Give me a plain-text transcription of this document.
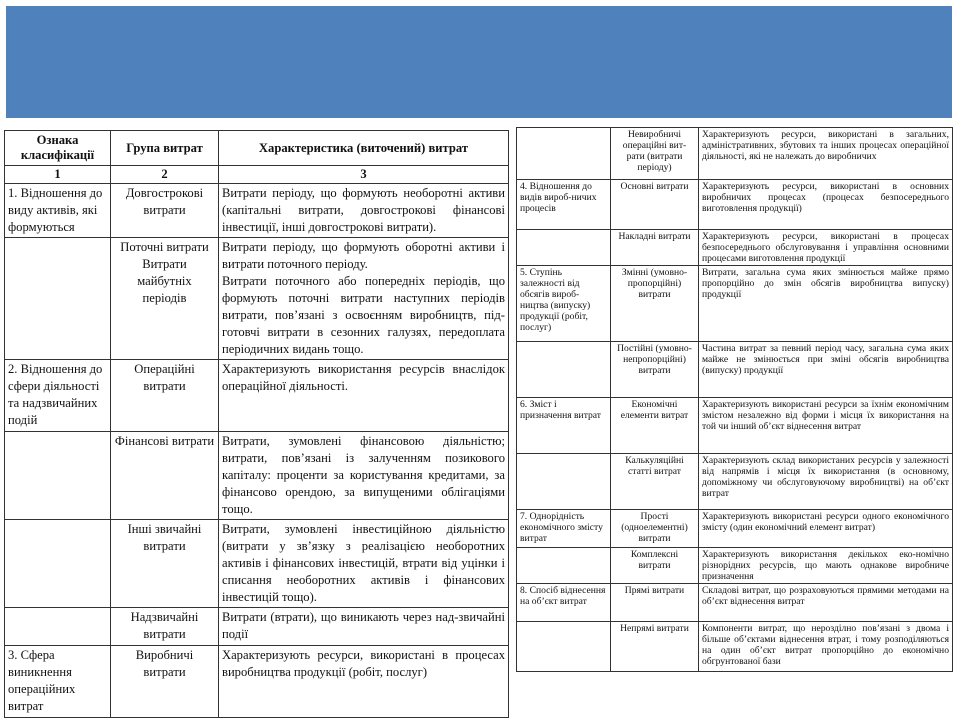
Ознака класифікації	Група витрат	Характеристика (виточений) витрат
1	2	3
1. Відношення до виду активів, які формуються	Довгострокові витрати	Витрати періоду, що формують необоротні активи (капітальні витрати, довгострокові фінансові інвестиції, інші довгострокові витрати).
	Поточні витрати Витрати майбутніх періодів	Витрати періоду, що формують оборотні активи і витрати поточного періоду.
Витрати поточного або попередніх періодів, що формують поточні витрати наступних періодів витрати, пов’язані з освоєнням виробництв, під-готовчі витрати в сезонних галузях, передоплата періодичних видань тощо.
2. Відношення до сфери діяльності та надзвичайних подій	Операційні витрати	Характеризують використання ресурсів внаслідок операційної діяльності.
	Фінансові витрати	Витрати, зумовлені фінансовою діяльністю; витрати, пов’язані із залученням позикового капіталу: проценти за користування кредитами, за фінансово орендою, за випущеними облігаціями тощо.
	Інші звичайні витрати	Витрати, зумовлені інвестиційною діяльністю (витрати у зв’язку з реалізацією необоротних активів і фінансових інвестицій, втрати від уцінки і списання необоротних активів і фінансових інвестицій тощо).
	Надзвичайні витрати	Витрати (втрати), що виникають через над-звичайні події
3. Сфера виникнення операційних витрат	Виробничі витрати	Характеризують ресурси, використані в процесах виробництва продукції (робіт, послуг)
	Невиробничі операційні вит-рати (витрати періоду)	Характеризують ресурси, використані в загальних, адміністративних, збутових та інших процесах операційної діяльності, які не належать до виробничих
4. Відношення до видів вироб-ничих процесів	Основні витрати	Характеризують ресурси, використані в основних виробничих процесах (процесах безпосереднього виготовлення продукції)
	Накладні витрати	Характеризують ресурси, використані в процесах безпосереднього обслуговування і управління основними процесами виготовлення продукції
5. Ступінь залежності від обсягів вироб-ництва (випуску) продукції (робіт, послуг)	Змінні (умовно-пропорційні) витрати	Витрати, загальна сума яких змінюється майже прямо пропорційно до змін обсягів виробництва випуску) продукції
	Постійні (умовно-непропорційні) витрати	Частина витрат за певний період часу, загальна сума яких майже не змінюється при зміні обсягів виробництва (випуску) продукції
6. Зміст і призначення витрат	Економічні елементи витрат	Характеризують використані ресурси за їхнім економічним змістом незалежно від форми і місця їх використання на той чи інший об’єкт віднесення витрат
	Калькуляційні статті витрат	Характеризують склад використаних ресурсів у залежності від напрямів і місця їх використання (в основному, допоміжному чи обслуговуючому виробництві) на об’єкт витрат
7. Однорідність економічного змісту витрат	Прості (одноелементні) витрати	Характеризують використані ресурси одного економічного змісту (один економічний елемент витрат)
	Комплексні витрати	Характеризують використання декількох еко-номічно різнорідних ресурсів, що мають однакове виробниче призначення
8. Спосіб віднесення на об’єкт витрат	Прямі витрати	Складові витрат, що розраховуються прямими методами на об’єкт віднесення витрат
	Непрямі витрати	Компоненти витрат, що нерозділно пов’язані з двома і більше об’єктами віднесення втрат, і тому розподіляються на один об’єкт витрат пропорційно до економічно обгрунтованої бази
